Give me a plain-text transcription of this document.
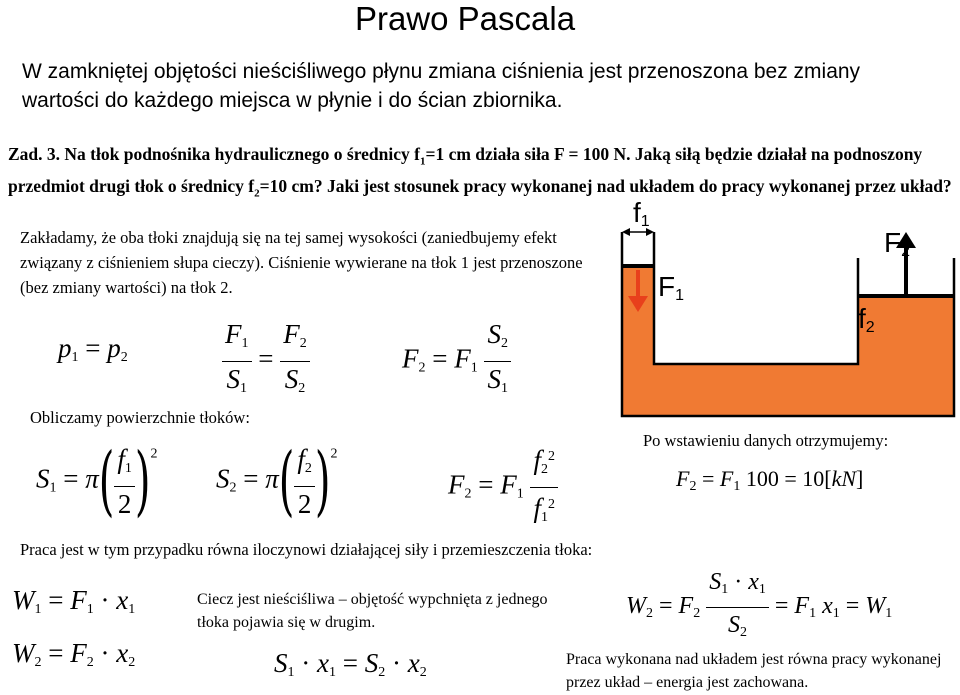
Prawo Pascala
W zamkniętej objętości nieściśliwego płynu zmiana ciśnienia jest przenoszona bez zmiany wartości do każdego miejsca w płynie i do ścian zbiornika.
Zad. 3. Na tłok podnośnika hydraulicznego o średnicy $f_1=1$ cm działa siła F = 100 N. Jaką siłą będzie działał na podnoszony przedmiot drugi tłok o średnicy $f_2=10$ cm? Jaki jest stosunek pracy wykonanej nad układem do pracy wykonanej przez układ?
Zakładamy, że oba tłoki znajdują się na tej samej wysokości (zaniedbujemy efekt związany z ciśnieniem słupa cieczy). Ciśnienie wywierane na tłok 1 jest przenoszone (bez zmiany wartości) na tłok 2.
$p_1 = p_2$	$\frac{F_1}{S_1} = \frac{F_2}{S_2}$	$F_2 = F_1 \frac{S_2}{S_1}$
Obliczamy powierzchnie tłoków:
Po wstawieniu danych otrzymujemy:
$S_1 = \pi( \frac{f_1}{2} )^2$
$S_2 = \pi( \frac{f_2}{2} )^2$
$F_2 = F_1 \frac{f_2^2}{f_1^2}$	$F_2 = F_1$ 100 = 10[kN]
Praca jest w tym przypadku równa iloczynowi działającej siły i przemieszczenia tłoka:
$W_1 = F_1 \cdot x_1$
$W_2 = F_2 \cdot x_2$
Ciecz jest nieściśliwa – objętość wypchnięta z jednego tłoka pojawia się w drugim.
$S_1 \cdot x_1 = S_2 \cdot x_2$
$W_2 = F_2 \frac{S_1 \cdot x_1}{S_2} = F_1$ $x_1 = W_1$
Praca wykonana nad układem jest równa pracy wykonanej przez układ – energia jest zachowana.
f1
F1
F2
f2
